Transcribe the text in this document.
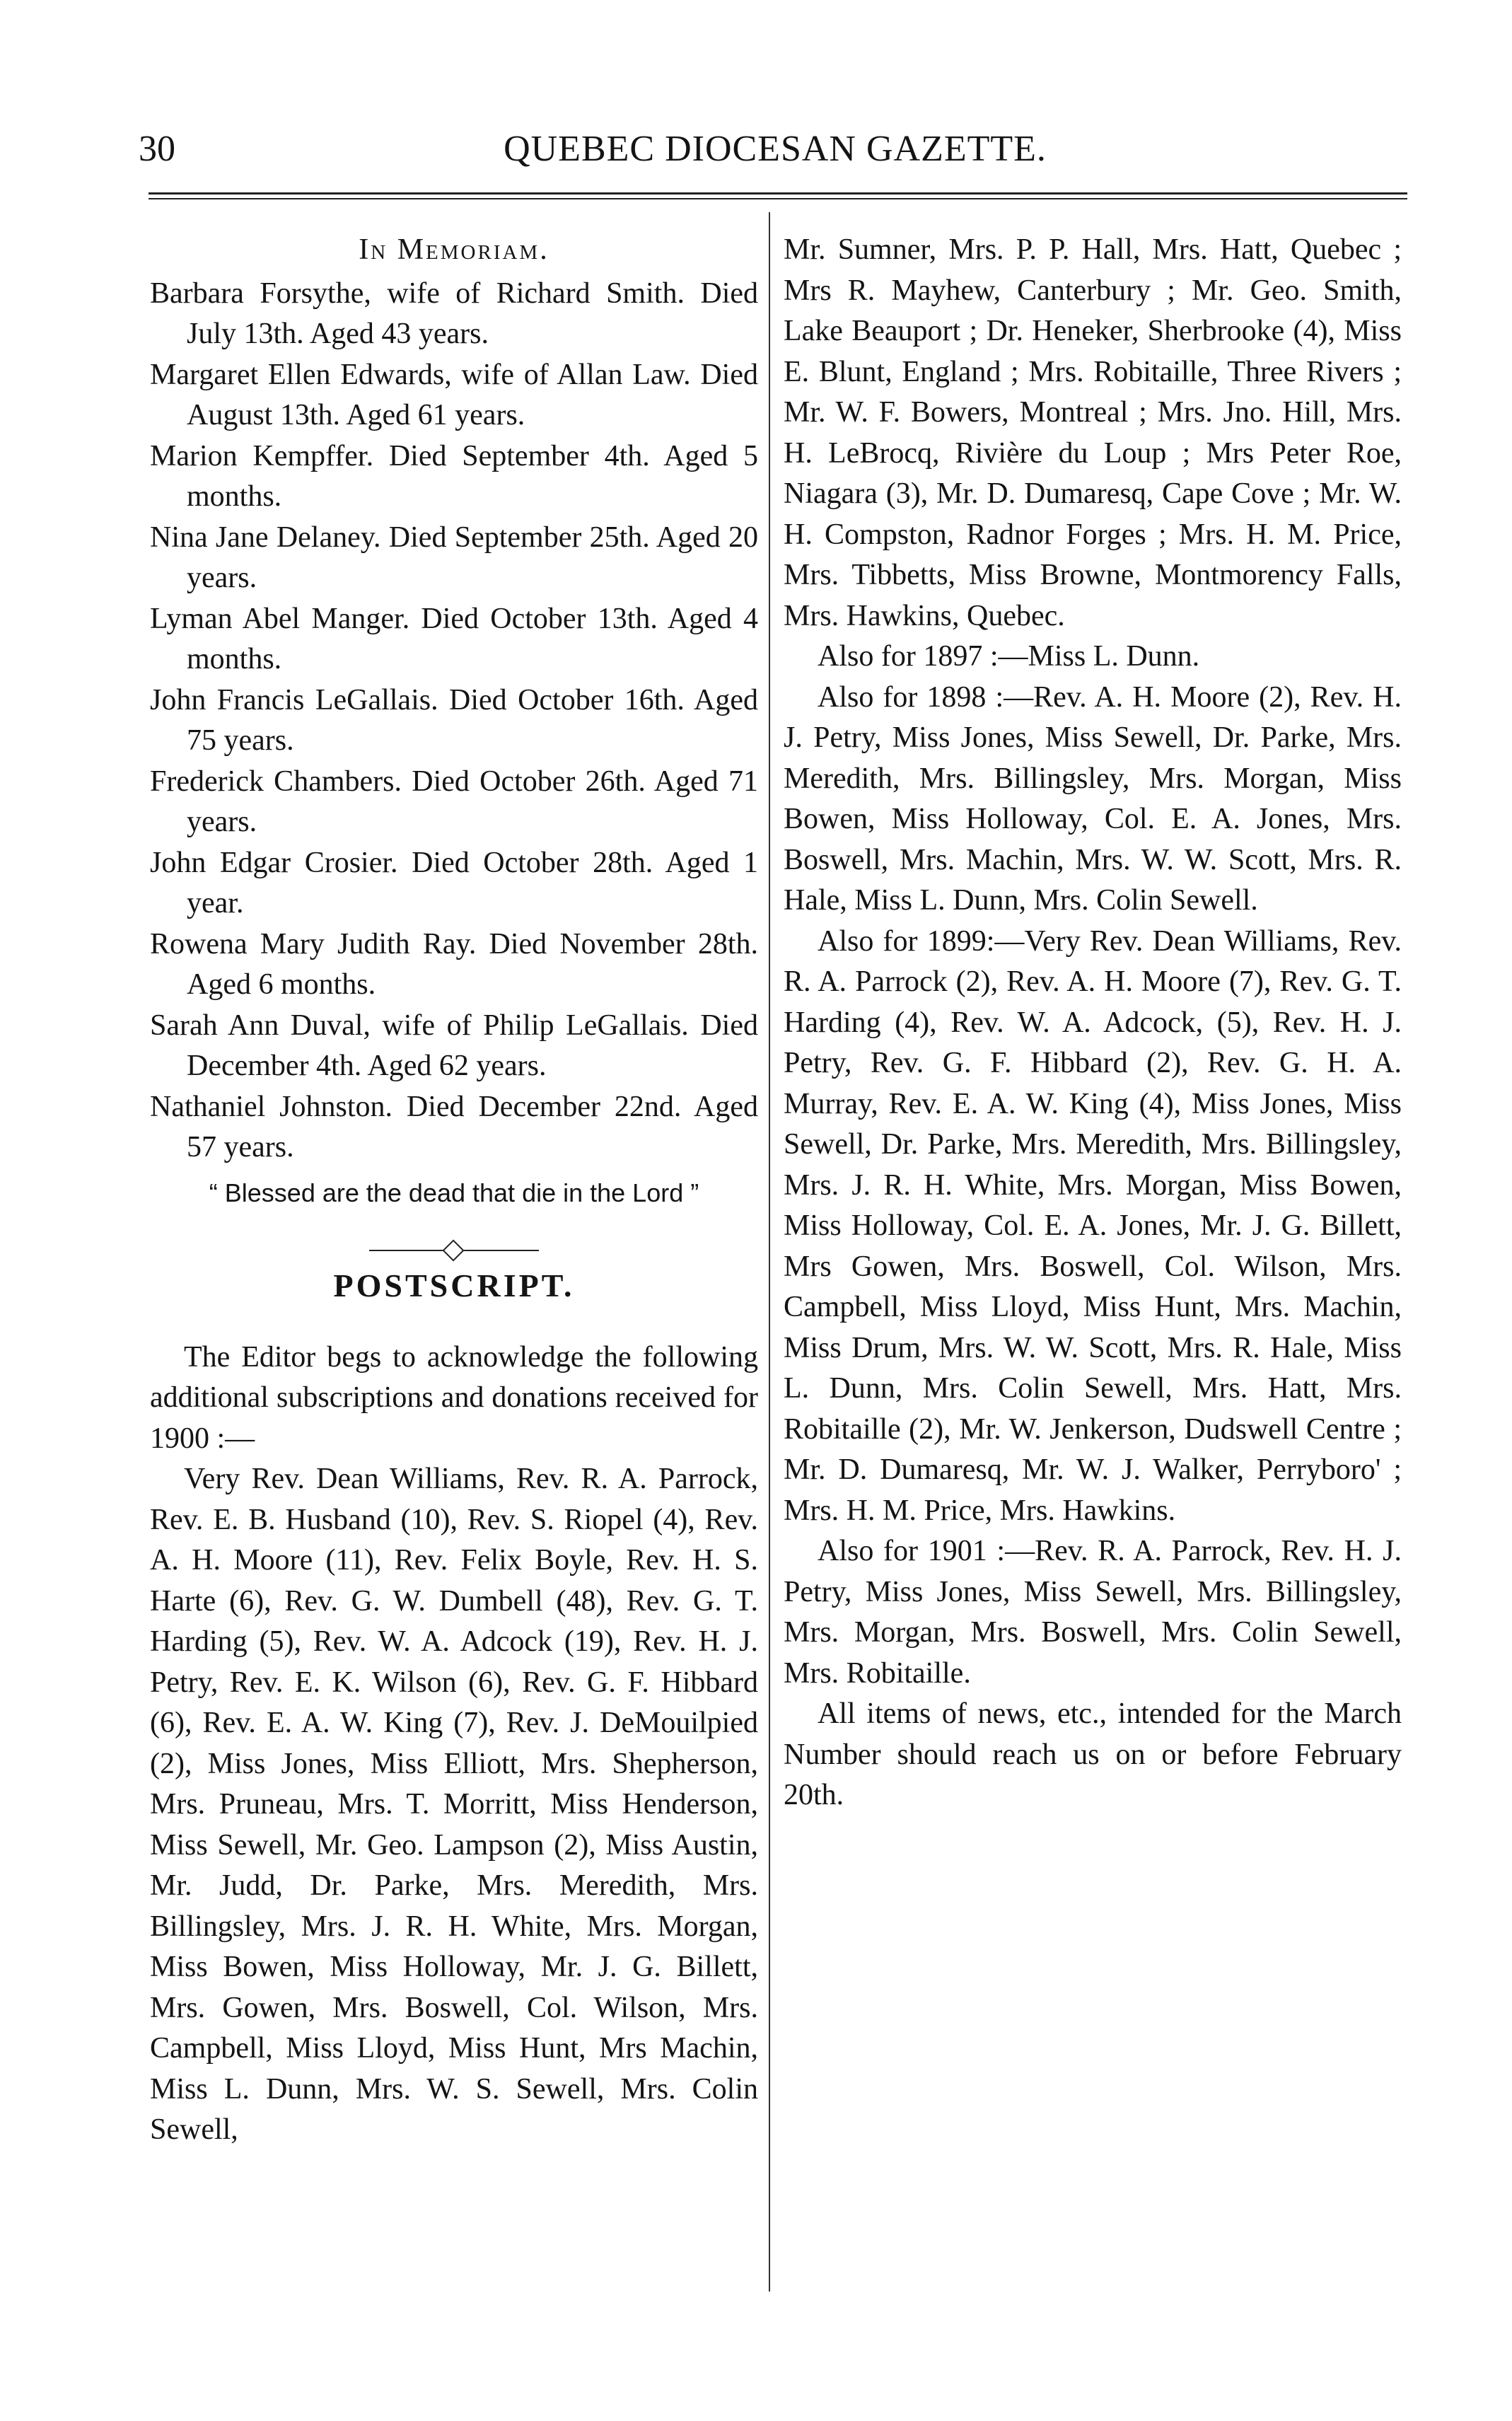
30	QUEBEC DIOCESAN GAZETTE.
In Memoriam.
Barbara Forsythe, wife of Richard Smith. Died July 13th. Aged 43 years.
Margaret Ellen Edwards, wife of Allan Law. Died August 13th. Aged 61 years.
Marion Kempffer. Died September 4th. Aged 5 months.
Nina Jane Delaney. Died September 25th. Aged 20 years.
Lyman Abel Manger. Died October 13th. Aged 4 months.
John Francis LeGallais. Died October 16th. Aged 75 years.
Frederick Chambers. Died October 26th. Aged 71 years.
John Edgar Crosier. Died October 28th. Aged 1 year.
Rowena Mary Judith Ray. Died November 28th. Aged 6 months.
Sarah Ann Duval, wife of Philip LeGallais. Died December 4th. Aged 62 years.
Nathaniel Johnston. Died December 22nd. Aged 57 years.
“ Blessed are the dead that die in the Lord ”
POSTSCRIPT.
The Editor begs to acknowledge the following additional subscriptions and donations received for 1900 :—
Very Rev. Dean Williams, Rev. R. A. Parrock, Rev. E. B. Husband (10), Rev. S. Riopel (4), Rev. A. H. Moore (11), Rev. Felix Boyle, Rev. H. S. Harte (6), Rev. G. W. Dumbell (48), Rev. G. T. Harding (5), Rev. W. A. Adcock (19), Rev. H. J. Petry, Rev. E. K. Wilson (6), Rev. G. F. Hibbard (6), Rev. E. A. W. King (7), Rev. J. DeMouilpied (2), Miss Jones, Miss Elliott, Mrs. Shepherson, Mrs. Pruneau, Mrs. T. Morritt, Miss Henderson, Miss Sewell, Mr. Geo. Lampson (2), Miss Austin, Mr. Judd, Dr. Parke, Mrs. Meredith, Mrs. Billingsley, Mrs. J. R. H. White, Mrs. Morgan, Miss Bowen, Miss Holloway, Mr. J. G. Billett, Mrs. Gowen, Mrs. Boswell, Col. Wilson, Mrs. Campbell, Miss Lloyd, Miss Hunt, Mrs Machin, Miss L. Dunn, Mrs. W. S. Sewell, Mrs. Colin Sewell,
Mr. Sumner, Mrs. P. P. Hall, Mrs. Hatt, Quebec ; Mrs R. Mayhew, Canterbury ; Mr. Geo. Smith, Lake Beauport ; Dr. Heneker, Sherbrooke (4), Miss E. Blunt, England ; Mrs. Robitaille, Three Rivers ; Mr. W. F. Bowers, Montreal ; Mrs. Jno. Hill, Mrs. H. LeBrocq, Rivière du Loup ; Mrs Peter Roe, Niagara (3), Mr. D. Dumaresq, Cape Cove ; Mr. W. H. Compston, Radnor Forges ; Mrs. H. M. Price, Mrs. Tibbetts, Miss Browne, Montmorency Falls, Mrs. Hawkins, Quebec.
Also for 1897 :—Miss L. Dunn.
Also for 1898 :—Rev. A. H. Moore (2), Rev. H. J. Petry, Miss Jones, Miss Sewell, Dr. Parke, Mrs. Meredith, Mrs. Billingsley, Mrs. Morgan, Miss Bowen, Miss Holloway, Col. E. A. Jones, Mrs. Boswell, Mrs. Machin, Mrs. W. W. Scott, Mrs. R. Hale, Miss L. Dunn, Mrs. Colin Sewell.
Also for 1899:—Very Rev. Dean Williams, Rev. R. A. Parrock (2), Rev. A. H. Moore (7), Rev. G. T. Harding (4), Rev. W. A. Adcock, (5), Rev. H. J. Petry, Rev. G. F. Hibbard (2), Rev. G. H. A. Murray, Rev. E. A. W. King (4), Miss Jones, Miss Sewell, Dr. Parke, Mrs. Meredith, Mrs. Billingsley, Mrs. J. R. H. White, Mrs. Morgan, Miss Bowen, Miss Holloway, Col. E. A. Jones, Mr. J. G. Billett, Mrs Gowen, Mrs. Boswell, Col. Wilson, Mrs. Campbell, Miss Lloyd, Miss Hunt, Mrs. Machin, Miss Drum, Mrs. W. W. Scott, Mrs. R. Hale, Miss L. Dunn, Mrs. Colin Sewell, Mrs. Hatt, Mrs. Robitaille (2), Mr. W. Jenkerson, Dudswell Centre ; Mr. D. Dumaresq, Mr. W. J. Walker, Perryboro' ; Mrs. H. M. Price, Mrs. Hawkins.
Also for 1901 :—Rev. R. A. Parrock, Rev. H. J. Petry, Miss Jones, Miss Sewell, Mrs. Billingsley, Mrs. Morgan, Mrs. Boswell, Mrs. Colin Sewell, Mrs. Robitaille.
All items of news, etc., intended for the March Number should reach us on or before February 20th.
